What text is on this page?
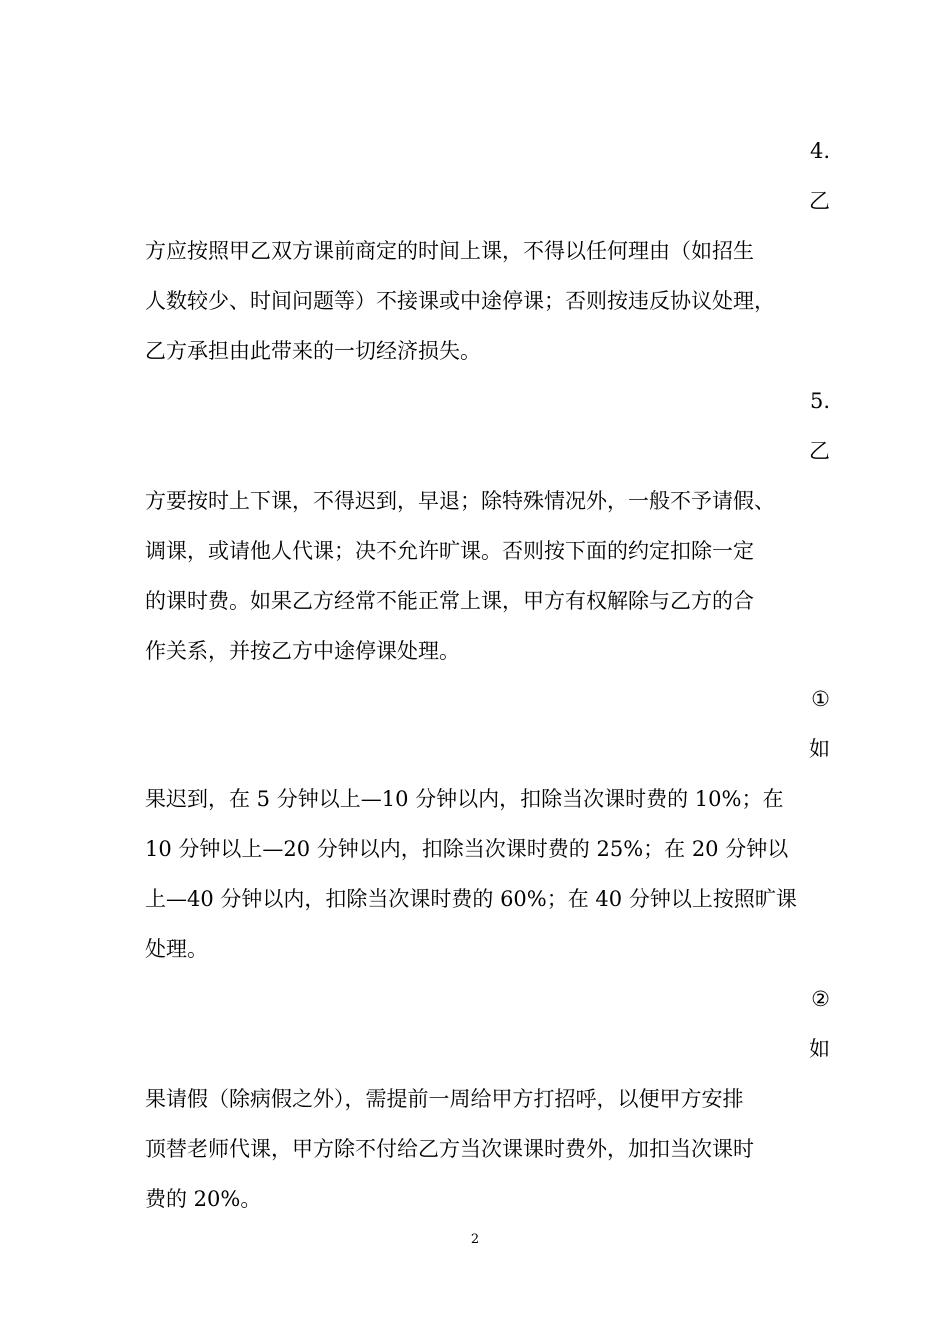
4.
乙
方应按照甲乙双方课前商定的时间上课，不得以任何理由（如招生
人数较少、时间问题等）不接课或中途停课；否则按违反协议处理，
乙方承担由此带来的一切经济损失。
5.
乙
方要按时上下课，不得迟到，早退；除特殊情况外，一般不予请假、
调课，或请他人代课；决不允许旷课。否则按下面的约定扣除一定
的课时费。如果乙方经常不能正常上课，甲方有权解除与乙方的合
作关系，并按乙方中途停课处理。
①
如
果迟到，在 5 分钟以上—10 分钟以内，扣除当次课时费的 10%；在
10 分钟以上—20 分钟以内，扣除当次课时费的 25%；在 20 分钟以
上—40 分钟以内，扣除当次课时费的 60%；在 40 分钟以上按照旷课
处理。
②
如
果请假（除病假之外），需提前一周给甲方打招呼，以便甲方安排
顶替老师代课，甲方除不付给乙方当次课课时费外，加扣当次课时
费的 20%。
2
